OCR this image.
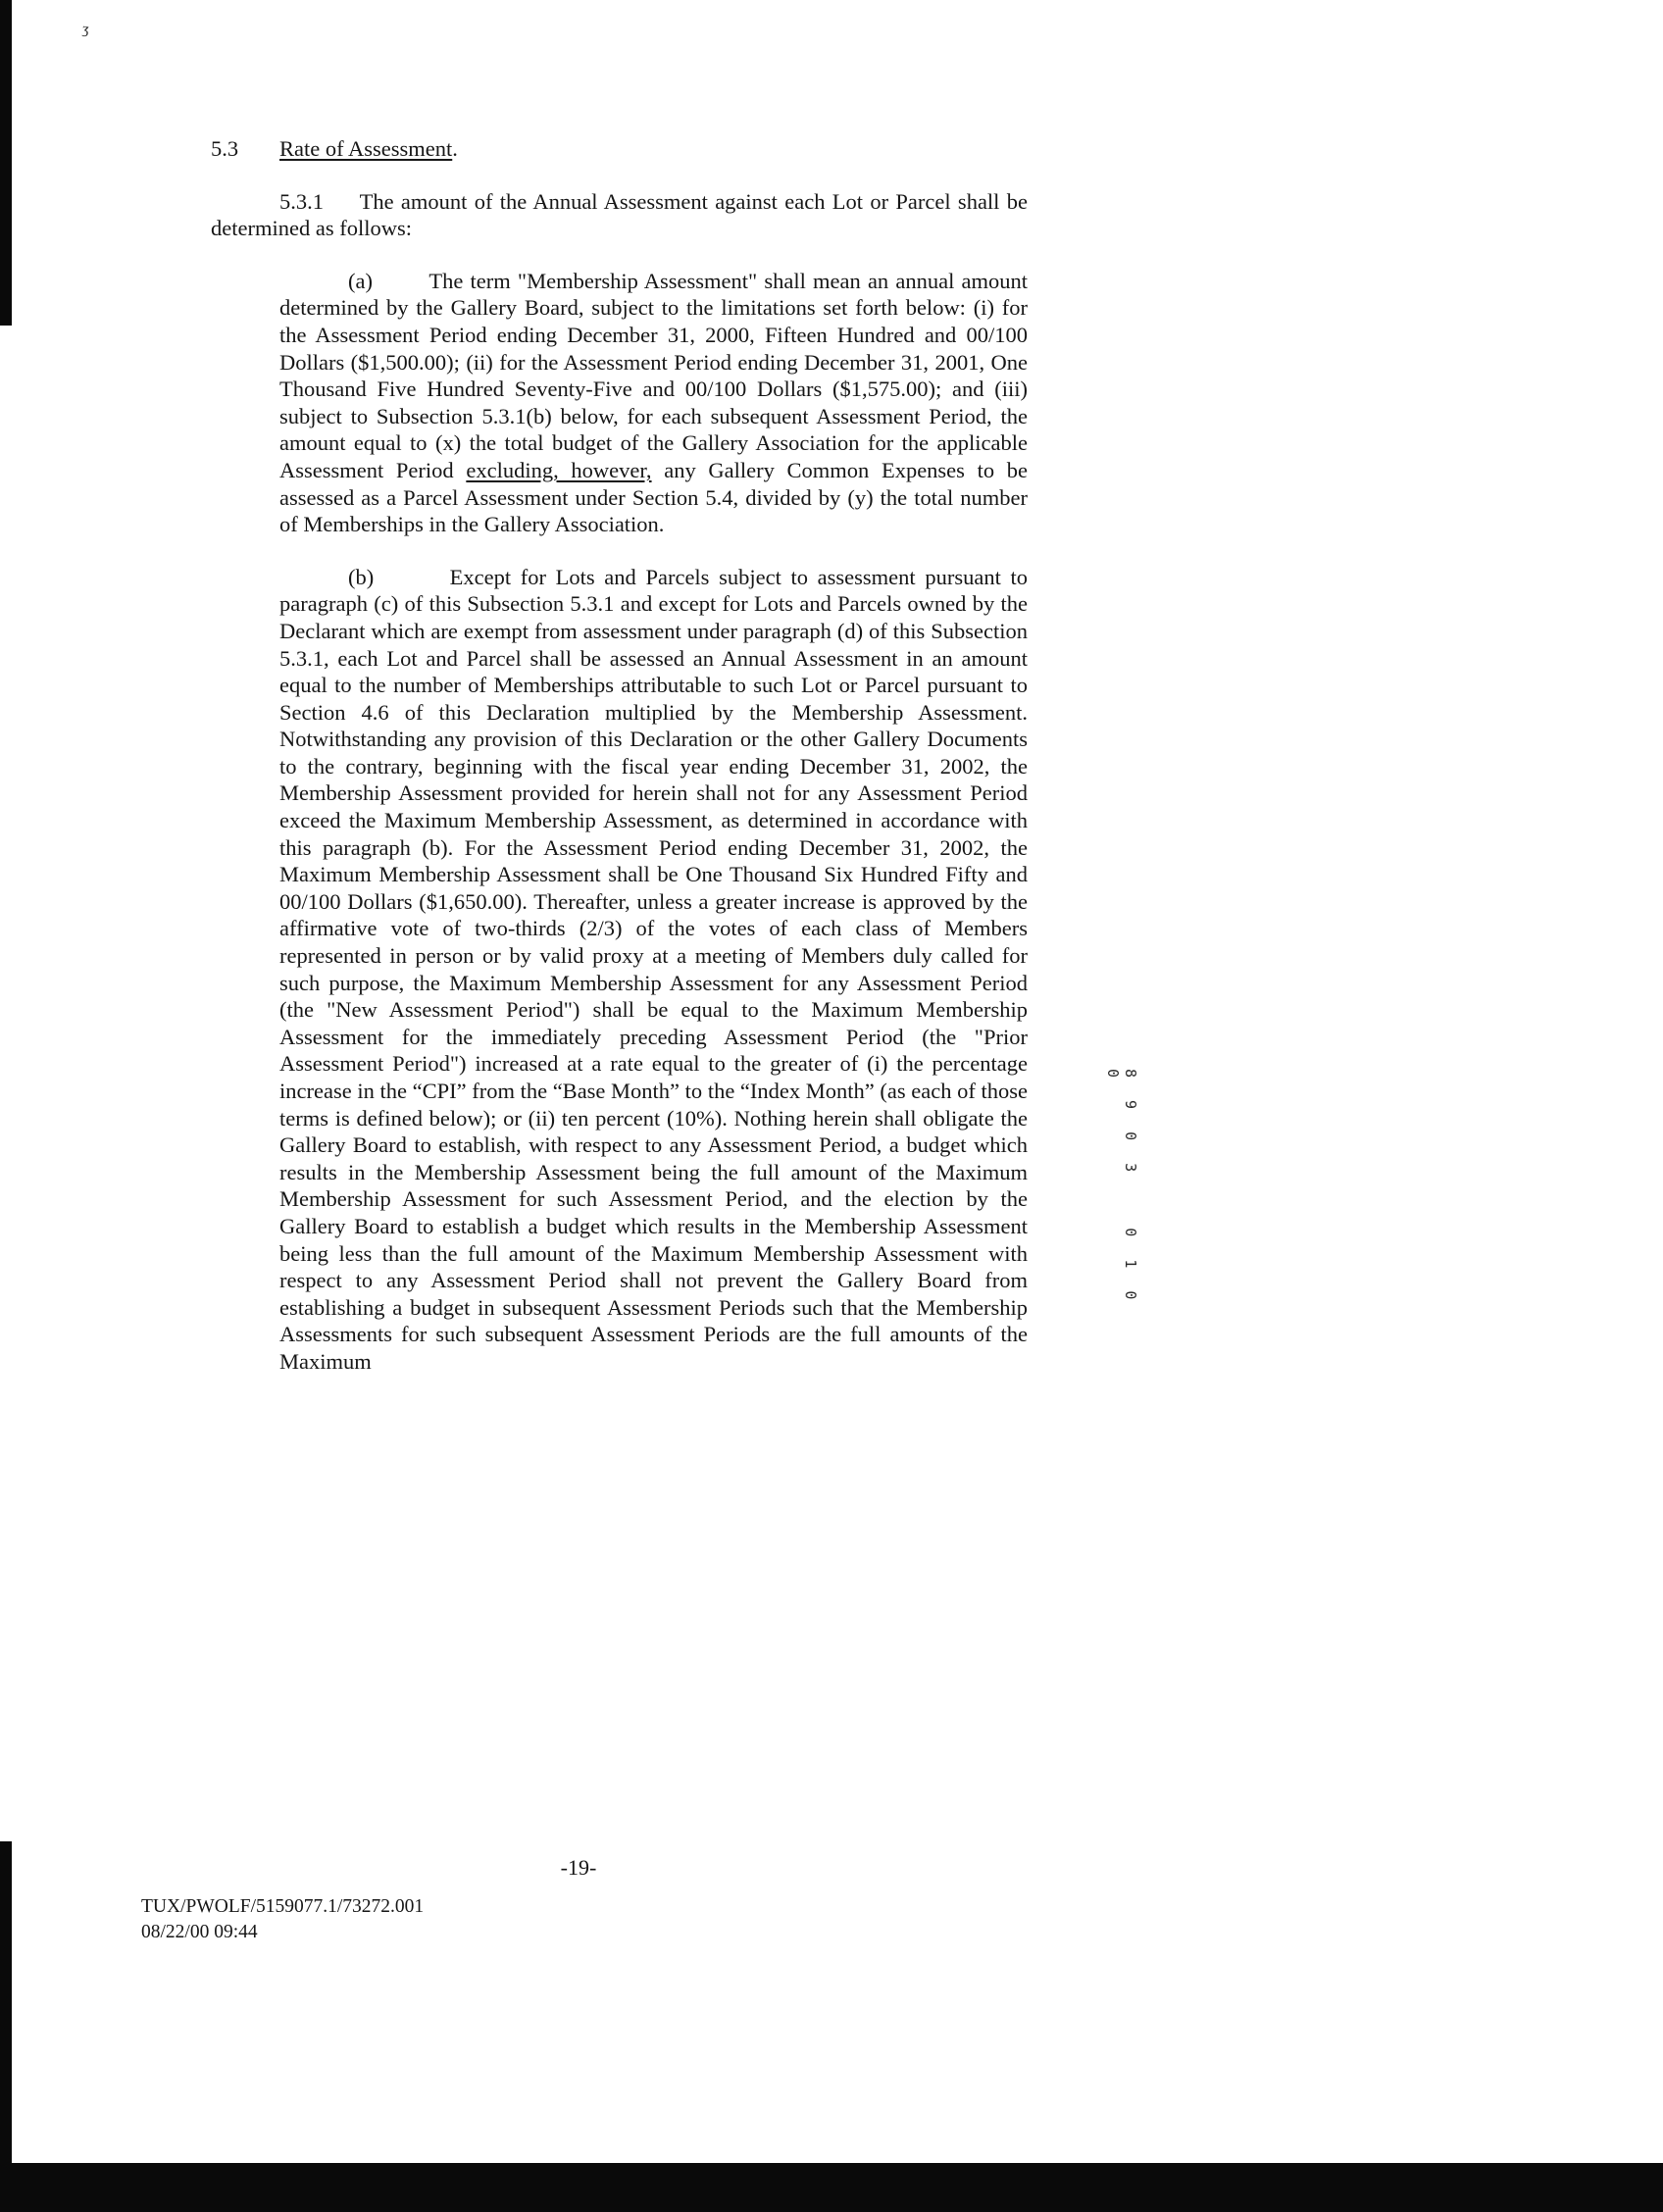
ʒ
5.3 Rate of Assessment.

5.3.1     The amount of the Annual Assessment against each Lot or Parcel shall be determined as follows:

(a)        The term "Membership Assessment" shall mean an annual amount determined by the Gallery Board, subject to the limitations set forth below: (i) for the Assessment Period ending December 31, 2000, Fifteen Hundred and 00/100 Dollars ($1,500.00); (ii) for the Assessment Period ending December 31, 2001, One Thousand Five Hundred Seventy-Five and 00/100 Dollars ($1,575.00); and (iii) subject to Subsection 5.3.1(b) below, for each subsequent Assessment Period, the amount equal to (x) the total budget of the Gallery Association for the applicable Assessment Period excluding, however, any Gallery Common Expenses to be assessed as a Parcel Assessment under Section 5.4, divided by (y) the total number of Memberships in the Gallery Association.

(b)        Except for Lots and Parcels subject to assessment pursuant to paragraph (c) of this Subsection 5.3.1 and except for Lots and Parcels owned by the Declarant which are exempt from assessment under paragraph (d) of this Subsection 5.3.1, each Lot and Parcel shall be assessed an Annual Assessment in an amount equal to the number of Memberships attributable to such Lot or Parcel pursuant to Section 4.6 of this Declaration multiplied by the Membership Assessment. Notwithstanding any provision of this Declaration or the other Gallery Documents to the contrary, beginning with the fiscal year ending December 31, 2002, the Membership Assessment provided for herein shall not for any Assessment Period exceed the Maximum Membership Assessment, as determined in accordance with this paragraph (b). For the Assessment Period ending December 31, 2002, the Maximum Membership Assessment shall be One Thousand Six Hundred Fifty and 00/100 Dollars ($1,650.00). Thereafter, unless a greater increase is approved by the affirmative vote of two-thirds (2/3) of the votes of each class of Members represented in person or by valid proxy at a meeting of Members duly called for such purpose, the Maximum Membership Assessment for any Assessment Period (the "New Assessment Period") shall be equal to the Maximum Membership Assessment for the immediately preceding Assessment Period (the "Prior Assessment Period") increased at a rate equal to the greater of (i) the percentage increase in the “CPI” from the “Base Month” to the “Index Month” (as each of those terms is defined below); or (ii) ten percent (10%). Nothing herein shall obligate the Gallery Board to establish, with respect to any Assessment Period, a budget which results in the Membership Assessment being the full amount of the Maximum Membership Assessment for such Assessment Period, and the election by the Gallery Board to establish a budget which results in the Membership Assessment being less than the full amount of the Maximum Membership Assessment with respect to any Assessment Period shall not prevent the Gallery Board from establishing a budget in subsequent Assessment Periods such that the Membership Assessments for such subsequent Assessment Periods are the full amounts of the Maximum

-19-
TUX/PWOLF/5159077.1/73272.001
08/22/00 09:44
8 9 0 3  0 1 0 0
